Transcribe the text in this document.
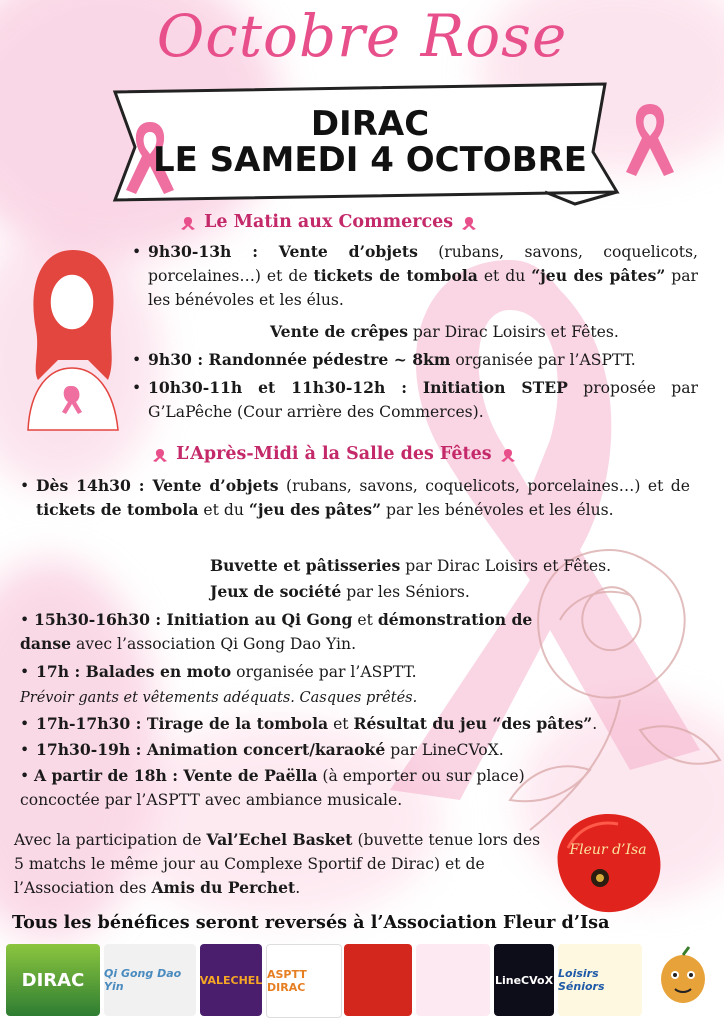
Octobre Rose
DIRAC
LE SAMEDI 4 OCTOBRE
Le Matin aux Commerces
• 9h30-13h : Vente d’objets (rubans, savons, coquelicots, porcelaines…) et de tickets de tombola et du “jeu des pâtes” par les bénévoles et les élus.
Vente de crêpes par Dirac Loisirs et Fêtes.
• 9h30 : Randonnée pédestre ~ 8km organisée par l’ASPTT.
• 10h30-11h et 11h30-12h : Initiation STEP proposée par G’LaPêche (Cour arrière des Commerces).
L’Après-Midi à la Salle des Fêtes
• Dès 14h30 : Vente d’objets (rubans, savons, coquelicots, porcelaines…) et de tickets de tombola et du “jeu des pâtes” par les bénévoles et les élus.
Buvette et pâtisseries par Dirac Loisirs et Fêtes.
Jeux de société par les Séniors.
• 15h30-16h30 : Initiation au Qi Gong et démonstration de danse avec l’association Qi Gong Dao Yin.
• 17h : Balades en moto organisée par l’ASPTT.
Prévoir gants et vêtements adéquats. Casques prêtés.
• 17h-17h30 : Tirage de la tombola et Résultat du jeu “des pâtes”.
• 17h30-19h : Animation concert/karaoké par LineCVoX.
• A partir de 18h : Vente de Paëlla (à emporter ou sur place) concoctée par l’ASPTT avec ambiance musicale.
Avec la participation de Val’Echel Basket (buvette tenue lors des 5 matchs le même jour au Complexe Sportif de Dirac) et de l’Association des Amis du Perchet.
Fleur d’Isa
Tous les bénéfices seront reversés à l’Association Fleur d’Isa
DIRAC	Qi Gong Dao Yin	VALECHEL ASPTT DIRAC
LineCVoX Loisirs Séniors
